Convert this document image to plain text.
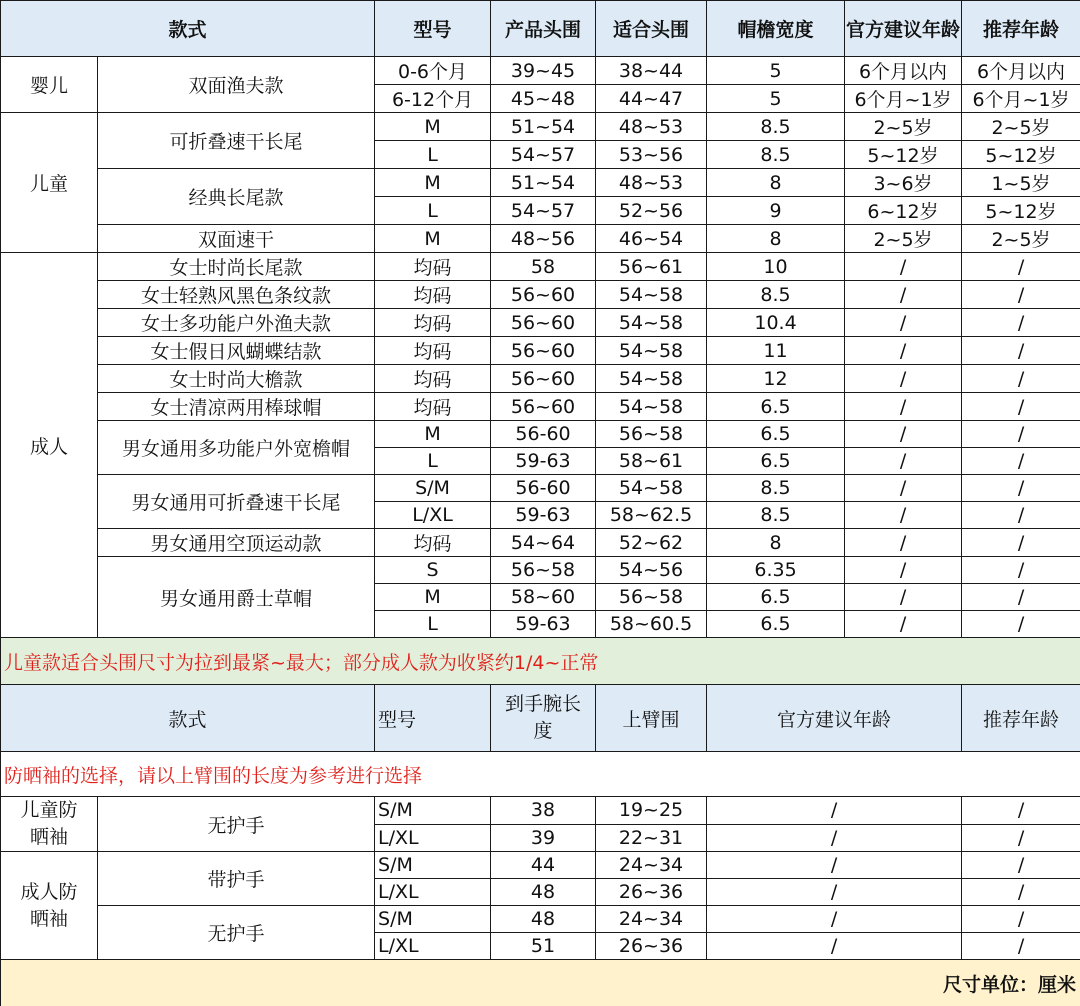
款式		型号	产品头围	适合头围	帽檐宽度	官方建议年龄	推荐年龄
婴儿	双面渔夫款	0-6个月	39~45	38~44	5	6个月以内	6个月以内
		6-12个月	45~48	44~47	5	6个月~1岁	6个月~1岁
儿童	可折叠速干长尾	M	51~54	48~53	8.5	2~5岁	2~5岁
		L	54~57	53~56	8.5	5~12岁	5~12岁
	经典长尾款	M	51~54	48~53	8	3~6岁	1~5岁
		L	54~57	52~56	9	6~12岁	5~12岁
	双面速干	M	48~56	46~54	8	2~5岁	2~5岁
成人	女士时尚长尾款	均码	58	56~61	10	/	/
	女士轻熟风黑色条纹款	均码	56~60	54~58	8.5	/	/
	女士多功能户外渔夫款	均码	56~60	54~58	10.4	/	/
	女士假日风蝴蝶结款	均码	56~60	54~58	11	/	/
	女士时尚大檐款	均码	56~60	54~58	12	/	/
	女士清凉两用棒球帽	均码	56~60	54~58	6.5	/	/
	男女通用多功能户外宽檐帽	M	56-60	56~58	6.5	/	/
		L	59-63	58~61	6.5	/	/
	男女通用可折叠速干长尾	S/M	56-60	54~58	8.5	/	/
		L/XL	59-63	58~62.5	8.5	/	/
	男女通用空顶运动款	均码	54~64	52~62	8	/	/
	男女通用爵士草帽	S	56~58	54~56	6.35	/	/
		M	58~60	56~58	6.5	/	/
		L	59-63	58~60.5	6.5	/	/
儿童款适合头围尺寸为拉到最紧~最大；部分成人款为收紧约1/4~正常							
款式		型号	到手腕长度	上臂围	官方建议年龄		推荐年龄
防晒袖的选择，请以上臂围的长度为参考进行选择							
儿童防晒袖	无护手	S/M	38	19~25	/		/
		L/XL	39	22~31	/		/
成人防晒袖	带护手	S/M	44	24~34	/		/
		L/XL	48	26~36	/		/
	无护手	S/M	48	24~34	/		/
		L/XL	51	26~36	/		/
尺寸单位：厘米							
